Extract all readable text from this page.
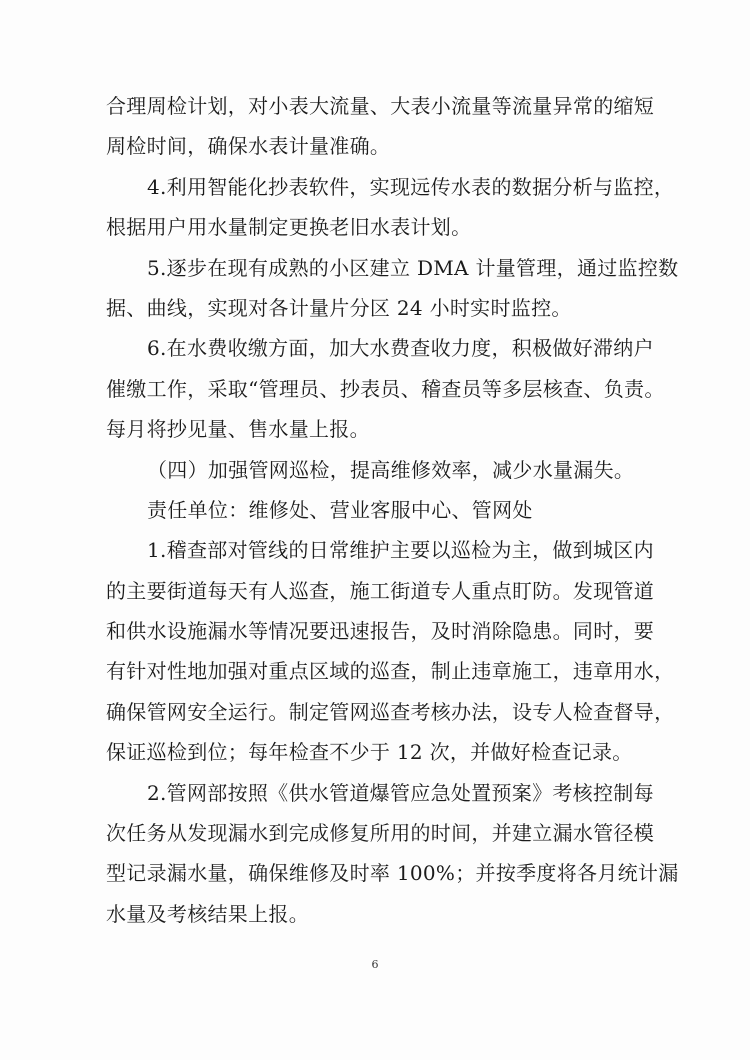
合理周检计划，对小表大流量、大表小流量等流量异常的缩短
周检时间，确保水表计量准确。
4.利用智能化抄表软件，实现远传水表的数据分析与监控，
根据用户用水量制定更换老旧水表计划。
5.逐步在现有成熟的小区建立 DMA 计量管理，通过监控数
据、曲线，实现对各计量片分区 24 小时实时监控。
6.在水费收缴方面，加大水费查收力度，积极做好滞纳户
催缴工作，采取“管理员、抄表员、稽查员等多层核查、负责。
每月将抄见量、售水量上报。
（四）加强管网巡检，提高维修效率，减少水量漏失。
责任单位：维修处、营业客服中心、管网处
1.稽查部对管线的日常维护主要以巡检为主，做到城区内
的主要街道每天有人巡查，施工街道专人重点盯防。发现管道
和供水设施漏水等情况要迅速报告，及时消除隐患。同时，要
有针对性地加强对重点区域的巡查，制止违章施工，违章用水，
确保管网安全运行。制定管网巡查考核办法，设专人检查督导，
保证巡检到位；每年检查不少于 12 次，并做好检查记录。
2.管网部按照《供水管道爆管应急处置预案》考核控制每
次任务从发现漏水到完成修复所用的时间，并建立漏水管径模
型记录漏水量，确保维修及时率 100%；并按季度将各月统计漏
水量及考核结果上报。
6
